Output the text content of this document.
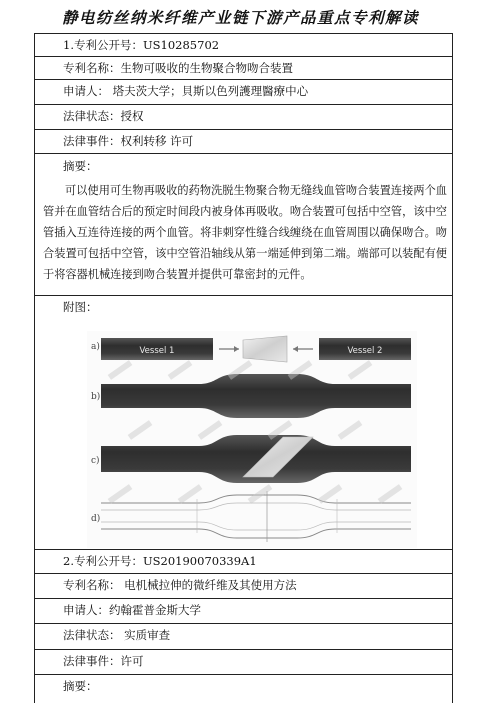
静电纺丝纳米纤维产业链下游产品重点专利解读
1.专利公开号：US10285702
专利名称：生物可吸收的生物聚合物吻合装置
申请人： 塔夫茨大学；貝斯以色列護理醫療中心
法律状态：授权
法律事件：权利转移 许可
摘要：
可以使用可生物再吸收的药物洗脱生物聚合物无缝线血管吻合装置连接两个血管并在血管结合后的预定时间段内被身体再吸收。吻合装置可包括中空管，该中空管插入互连待连接的两个血管。将非刺穿性缝合线缠绕在血管周围以确保吻合。吻合装置可包括中空管，该中空管沿轴线从第一端延伸到第二端。端部可以装配有便于将容器机械连接到吻合装置并提供可靠密封的元件。
附图：
a)	Vessel 1	Vessel 2
b)
c)
d)
2.专利公开号：US20190070339A1
专利名称： 电机械拉伸的微纤维及其使用方法
申请人：约翰霍普金斯大学
法律状态： 实质审查
法律事件：许可
摘要：
